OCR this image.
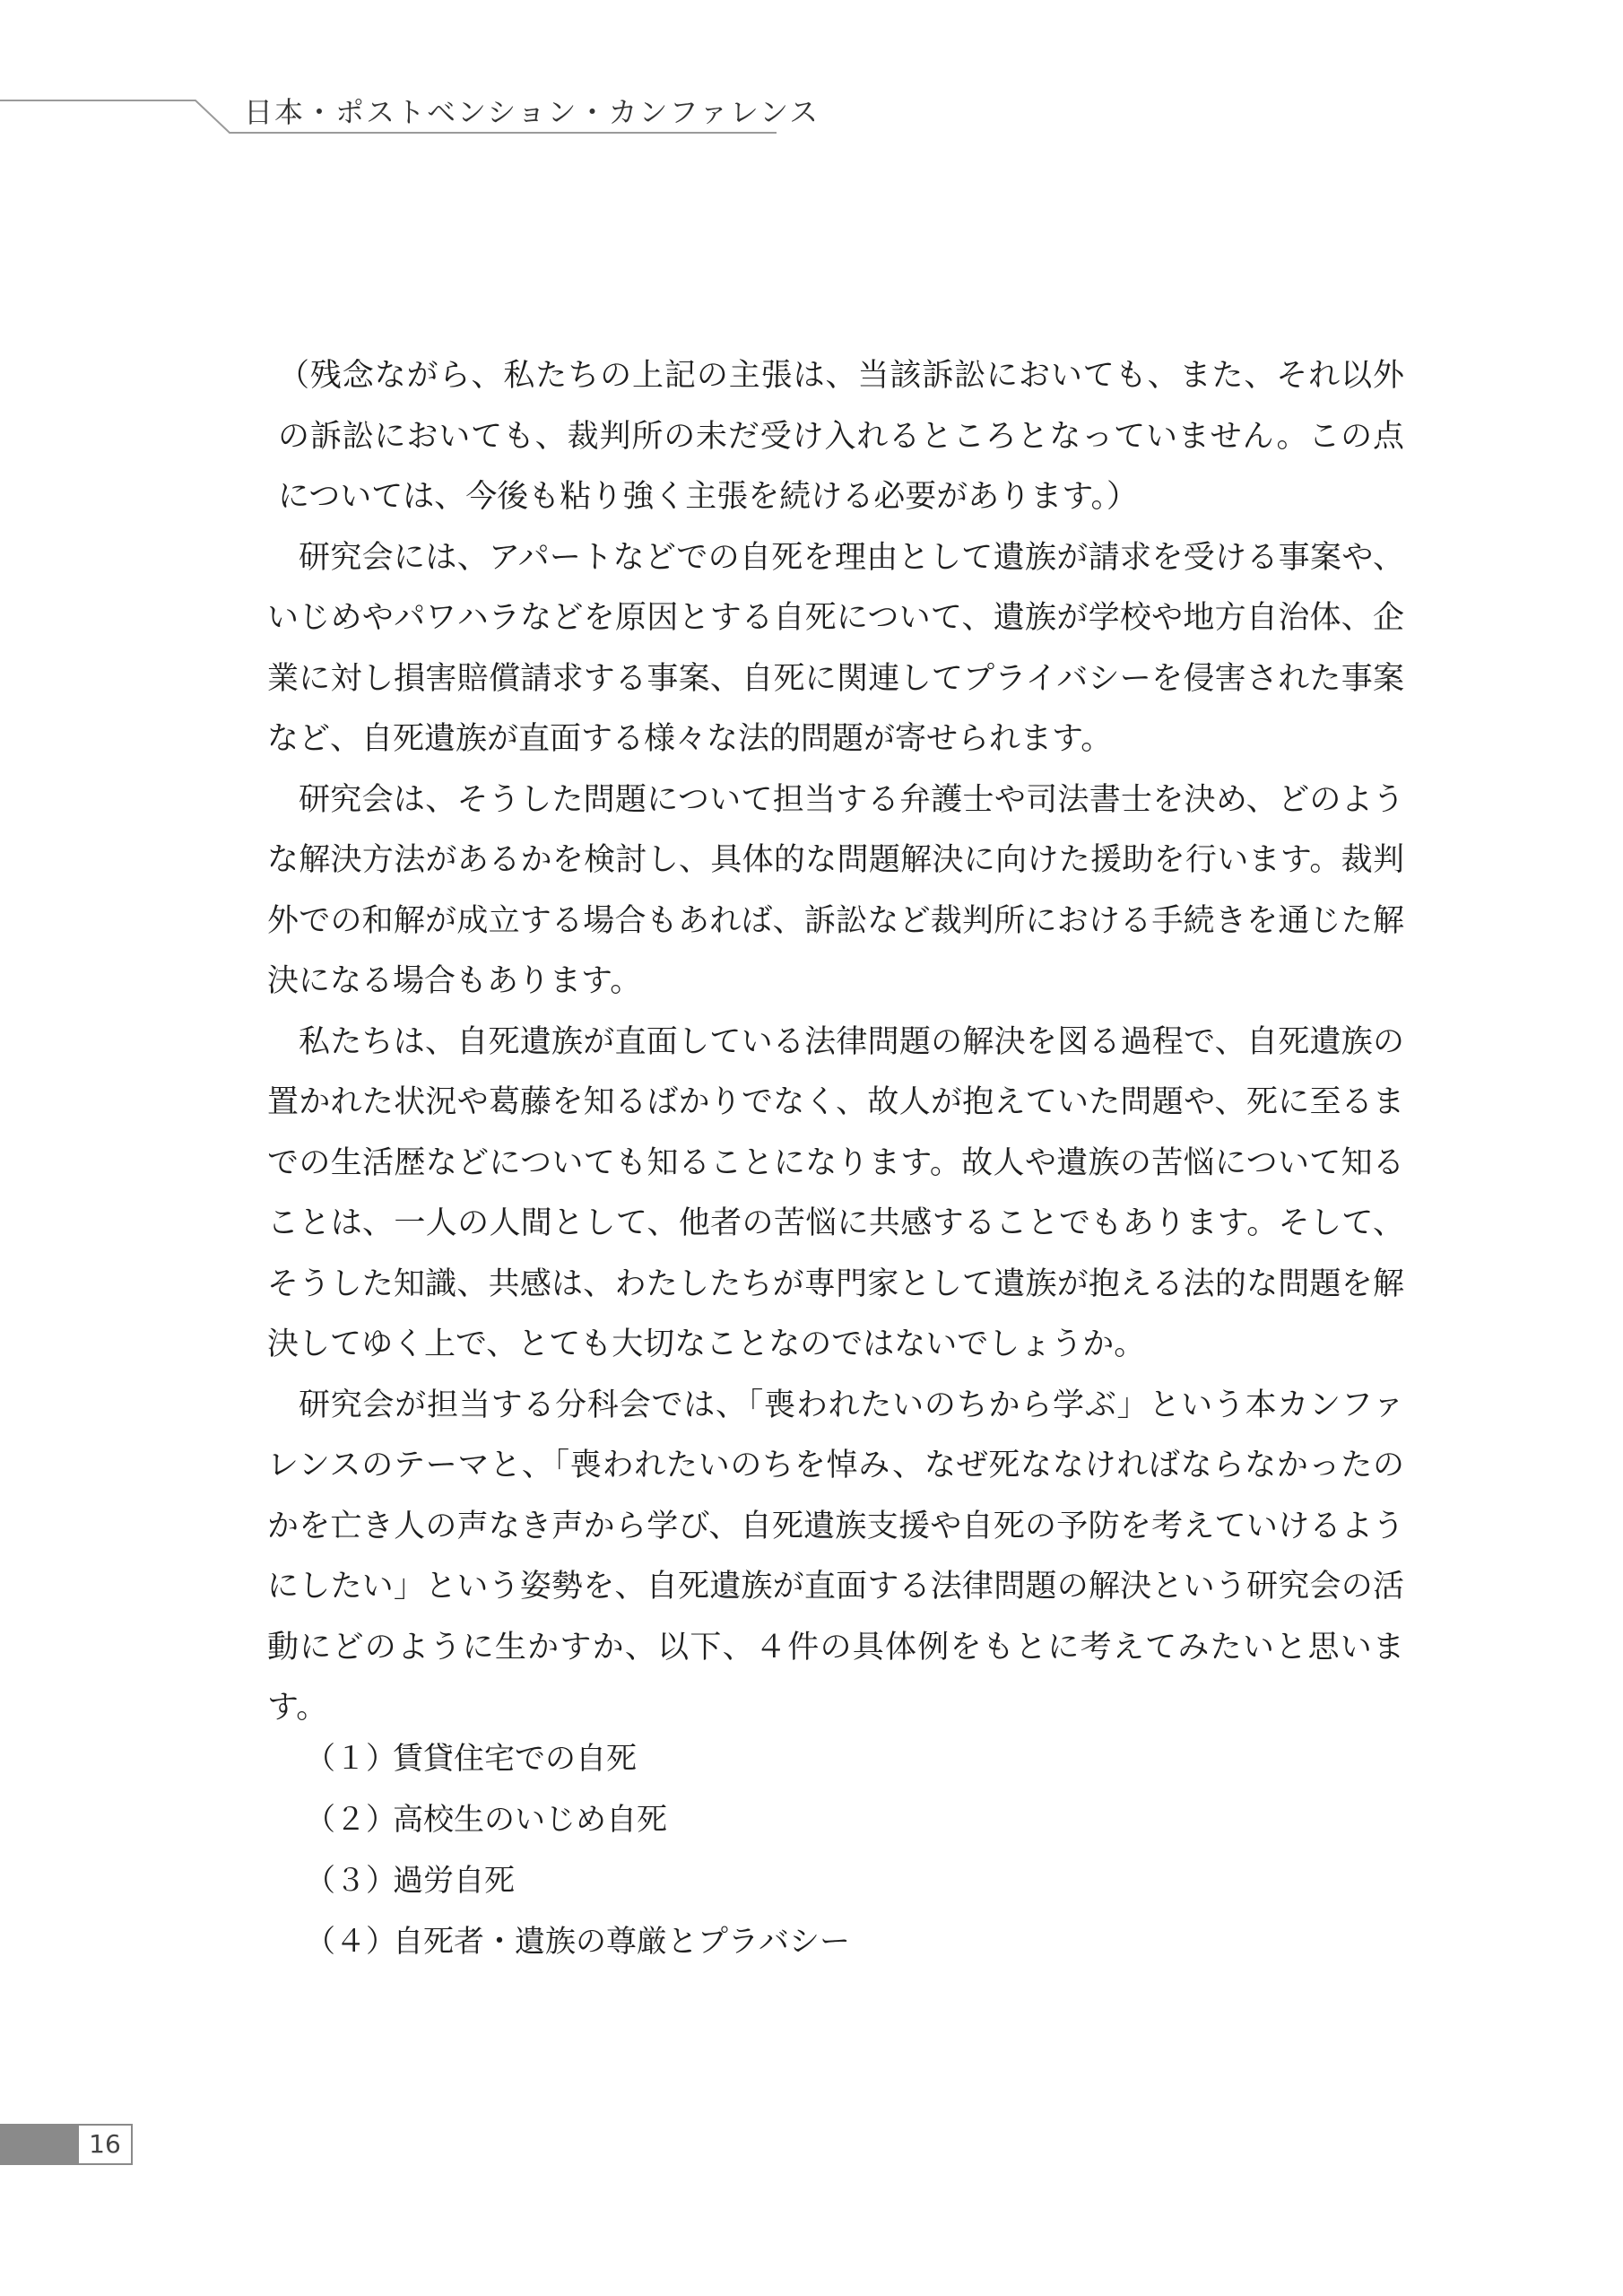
日本・ポストベンション・カンファレンス

（残念ながら、私たちの上記の主張は、当該訴訟においても、また、それ以外の訴訟においても、裁判所の未だ受け入れるところとなっていません。この点については、今後も粘り強く主張を続ける必要があります。）

研究会には、アパートなどでの自死を理由として遺族が請求を受ける事案や、いじめやパワハラなどを原因とする自死について、遺族が学校や地方自治体、企業に対し損害賠償請求する事案、自死に関連してプライバシーを侵害された事案など、自死遺族が直面する様々な法的問題が寄せられます。

研究会は、そうした問題について担当する弁護士や司法書士を決め、どのような解決方法があるかを検討し、具体的な問題解決に向けた援助を行います。裁判外での和解が成立する場合もあれば、訴訟など裁判所における手続きを通じた解決になる場合もあります。

私たちは、自死遺族が直面している法律問題の解決を図る過程で、自死遺族の置かれた状況や葛藤を知るばかりでなく、故人が抱えていた問題や、死に至るまでの生活歴などについても知ることになります。故人や遺族の苦悩について知ることは、一人の人間として、他者の苦悩に共感することでもあります。そして、そうした知識、共感は、わたしたちが専門家として遺族が抱える法的な問題を解決してゆく上で、とても大切なことなのではないでしょうか。

研究会が担当する分科会では、「喪われたいのちから学ぶ」という本カンファレンスのテーマと、「喪われたいのちを悼み、なぜ死ななければならなかったのかを亡き人の声なき声から学び、自死遺族支援や自死の予防を考えていけるようにしたい」という姿勢を、自死遺族が直面する法律問題の解決という研究会の活動にどのように生かすか、以下、４件の具体例をもとに考えてみたいと思います。

（１）賃貸住宅での自死
（２）高校生のいじめ自死
（３）過労自死
（４）自死者・遺族の尊厳とプラバシー
16
